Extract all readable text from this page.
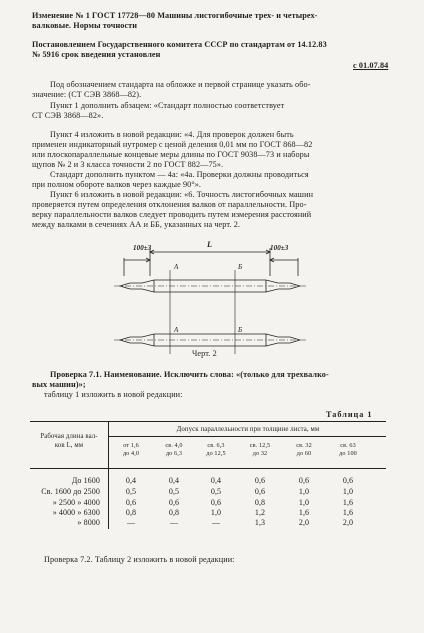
Изменение № 1 ГОСТ 17728—80 Машины листогибочные трех- и четырех-
валковые. Нормы точности
Постановлением Государственного комитета СССР по стандартам от 14.12.83
№ 5916 срок введения установлен
с 01.07.84
Под обозначением стандарта на обложке и первой странице указать обо-
значение: (СТ СЭВ 3868—82).
Пункт 1 дополнить абзацем: «Стандарт полностью соответствует
СТ СЭВ 3868—82».
Пункт 4 изложить в новой редакции: «4. Для проверок должен быть
применен индикаторный нутромер с ценой деления 0,01 мм по ГОСТ 868—82
или плоскопараллельные концевые меры длины по ГОСТ 9038—73 и наборы
щупов № 2 и 3 класса точности 2 по ГОСТ 882—75».
Стандарт дополнить пунктом — 4а: «4а. Проверки должны проводиться
при полном обороте валков через каждые 90°».
Пункт 6 изложить в новой редакции: «6. Точность листогибочных машин
проверяется путем определения отклонения валков от параллельности. Про-
верку параллельности валков следует проводить путем измерения расстояний
между валками в сечениях АА и ББ, указанных на черт. 2.
100±3	100±3
L
А	Б
А	Б
Черт. 2
Проверка 7.1. Наименование. Исключить слова: «(только для трехвалко-
вых машин)»;
таблицу 1 изложить в новой редакции:
Таблица 1
Рабочая длина вал-
ков L, мм
Допуск параллельности при толщине листа, мм
от 1,6
до 4,0
св. 4,0
до 6,3
св. 6,3
до 12,5
св. 12,5
до 32
св. 32
до 60
св. 63
до 100
До 1600	0,4	0,4	0,4	0,6	0,6	0,6
Св. 1600 до 2500	0,5	0,5	0,5	0,6	1,0	1,0
» 2500 » 4000	0,6	0,6	0,6	0,8	1,0	1,6
» 4000 » 6300	0,8	0,8	1,0	1,2	1,6	1,6
» 8000	—	—	—	1,3	2,0	2,0
Проверка 7.2. Таблицу 2 изложить в новой редакции:
